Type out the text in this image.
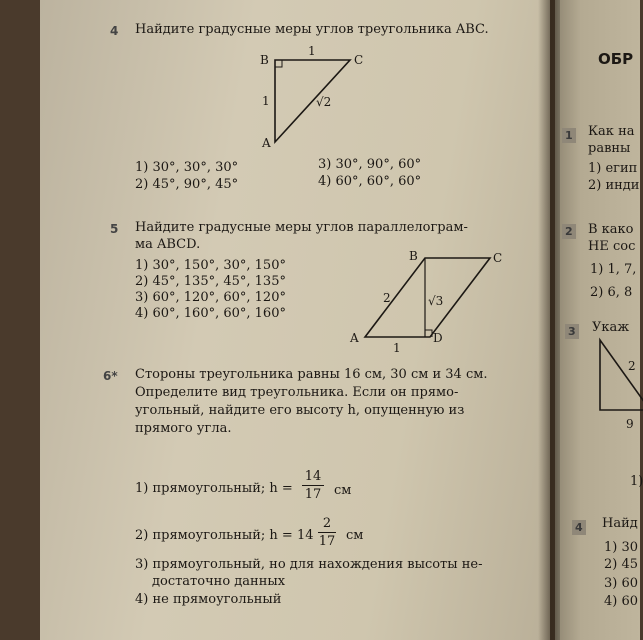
4 Найдите градусные меры углов треугольника ABC.
B	C
A
1
1	√2
1) 30°, 30°, 30°
2) 45°, 90°, 45°
3) 30°, 90°, 60°
4) 60°, 60°, 60°
5 Найдите градусные меры углов параллелограм-
ма ABCD.
1) 30°, 150°, 30°, 150°
2) 45°, 135°, 45°, 135°
3) 60°, 120°, 60°, 120°
4) 60°, 160°, 60°, 160°
A
B	C
D
2	√3
1
6* Стороны треугольника равны 16 см, 30 см и 34 см.
Определите вид треугольника. Если он прямо-
угольный, найдите его высоту h, опущенную из
прямого угла.
1) прямоугольный; h =
14
17 см
2) прямоугольный; h = 14
2
17 см
3) прямоугольный, но для нахождения высоты не-
достаточно данных
4) не прямоугольный
ОБР
1 Как на
равны
1) егип
2) инди
2 В како
НЕ сос
1) 1, 7,
2) 6, 8
3 Укаж
2
9
1)
4 Найд
1) 30
2) 45
3) 60
4) 60
